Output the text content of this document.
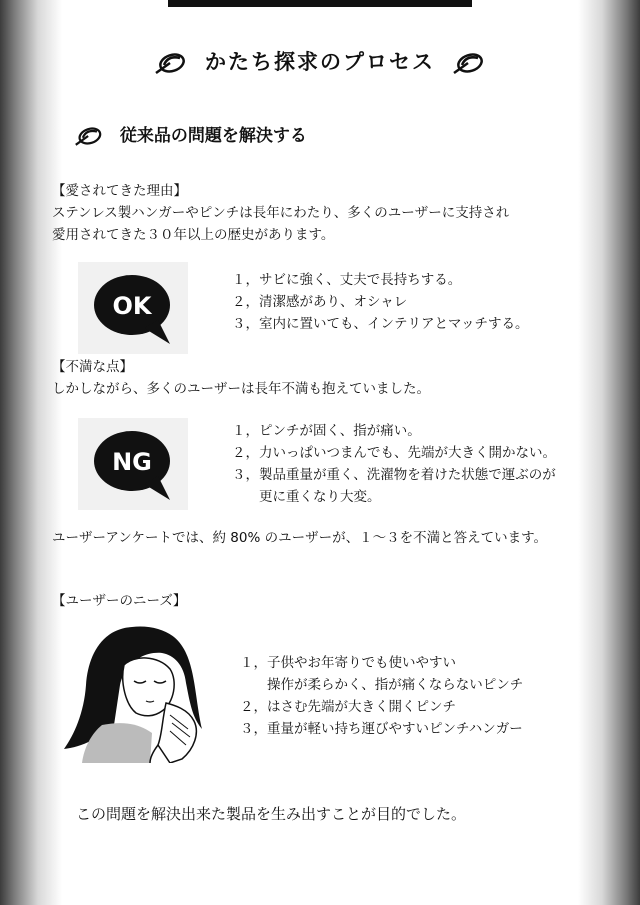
かたち探求のプロセス
従来品の問題を解決する
【愛されてきた理由】
ステンレス製ハンガーやピンチは長年にわたり、多くのユーザーに支持され
愛用されてきた３０年以上の歴史があります。
OK
１，サビに強く、丈夫で長持ちする。
２，清潔感があり、オシャレ
３，室内に置いても、インテリアとマッチする。
【不満な点】
しかしながら、多くのユーザーは長年不満も抱えていました。
NG
１，ピンチが固く、指が痛い。
２，力いっぱいつまんでも、先端が大きく開かない。
３，製品重量が重く、洗濯物を着けた状態で運ぶのが
　　更に重くなり大変。
ユーザーアンケートでは、約 80% のユーザーが、１～３を不満と答えています。
【ユーザーのニーズ】
１，子供やお年寄りでも使いやすい
　　操作が柔らかく、指が痛くならないピンチ
２，はさむ先端が大きく開くピンチ
３，重量が軽い持ち運びやすいピンチハンガー
この問題を解決出来た製品を生み出すことが目的でした。
